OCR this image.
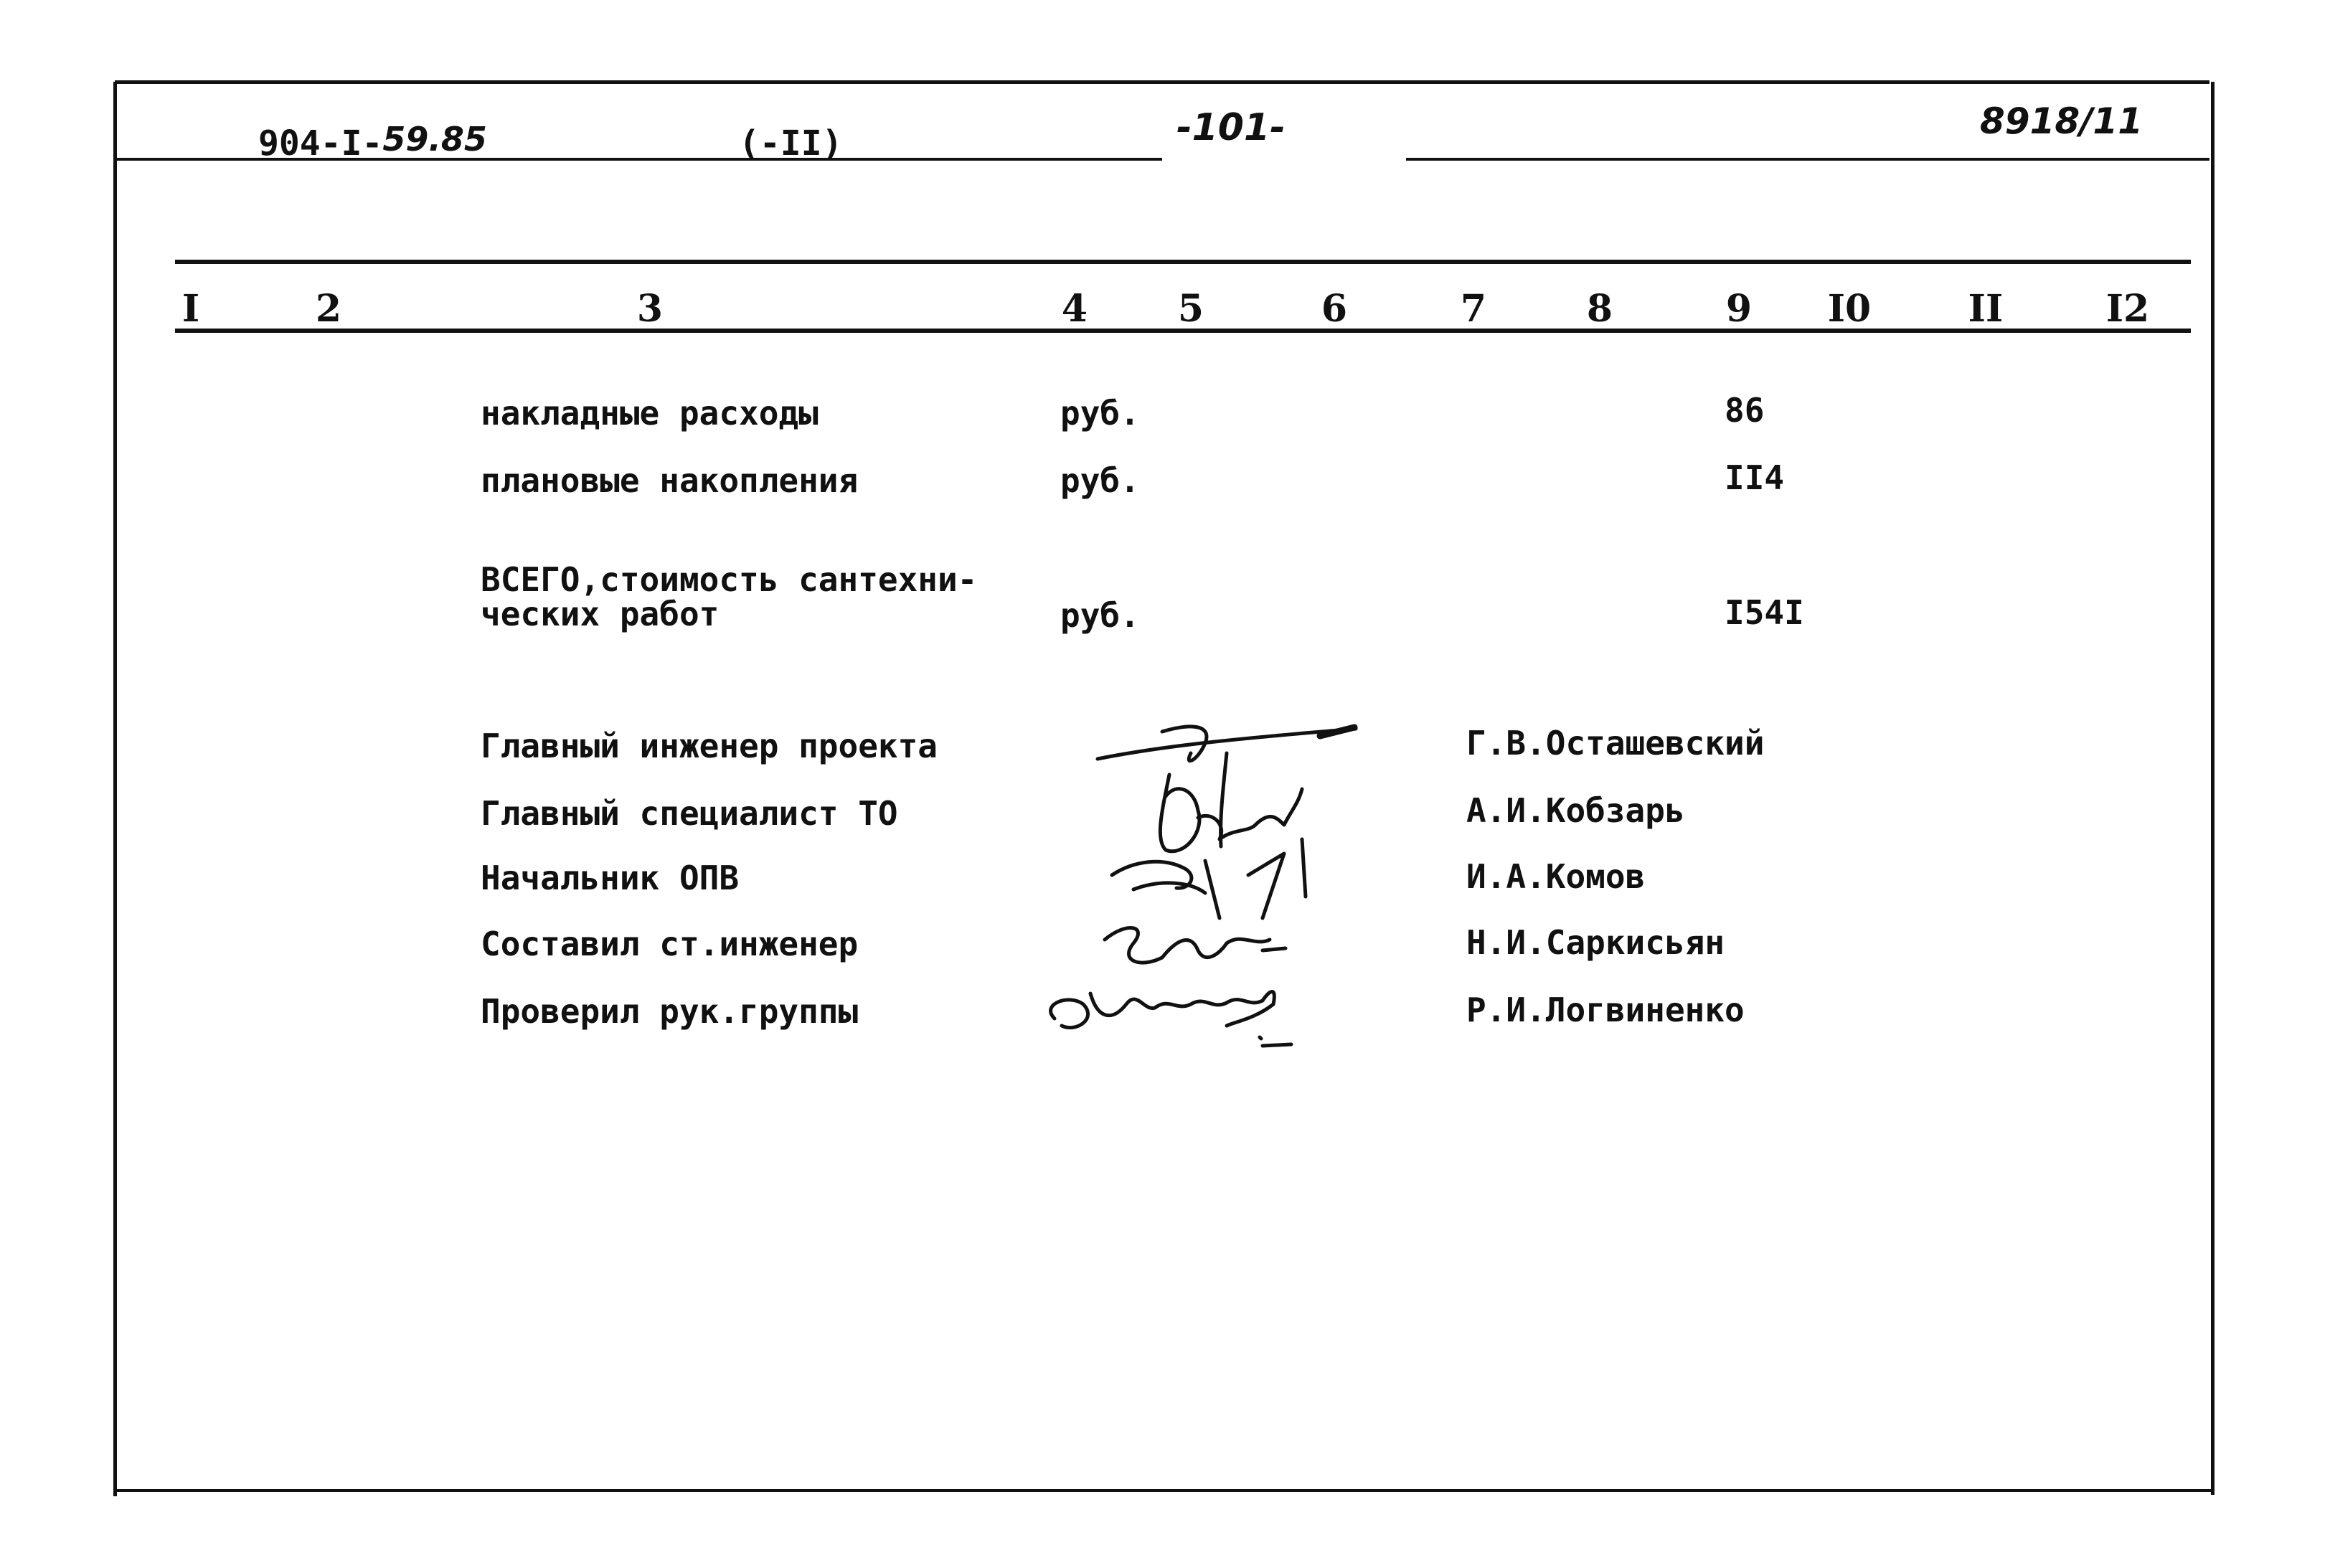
904-I-59.85	(-II)	-101-	8918/11
I	2	3	4	5	6	7	8	9	I0	II	I2
накладные расходы	руб.	86
плановые накопления	руб.	II4
ВСЕГО,стоимость сантехни-
ческих работ	руб.	I54I
Главный инженер проекта	Г.В.Осташевский
Главный специалист ТО	А.И.Кобзарь
Начальник ОПВ	И.А.Комов
Составил ст.инженер	Н.И.Саркисьян
Проверил рук.группы	Р.И.Логвиненко
